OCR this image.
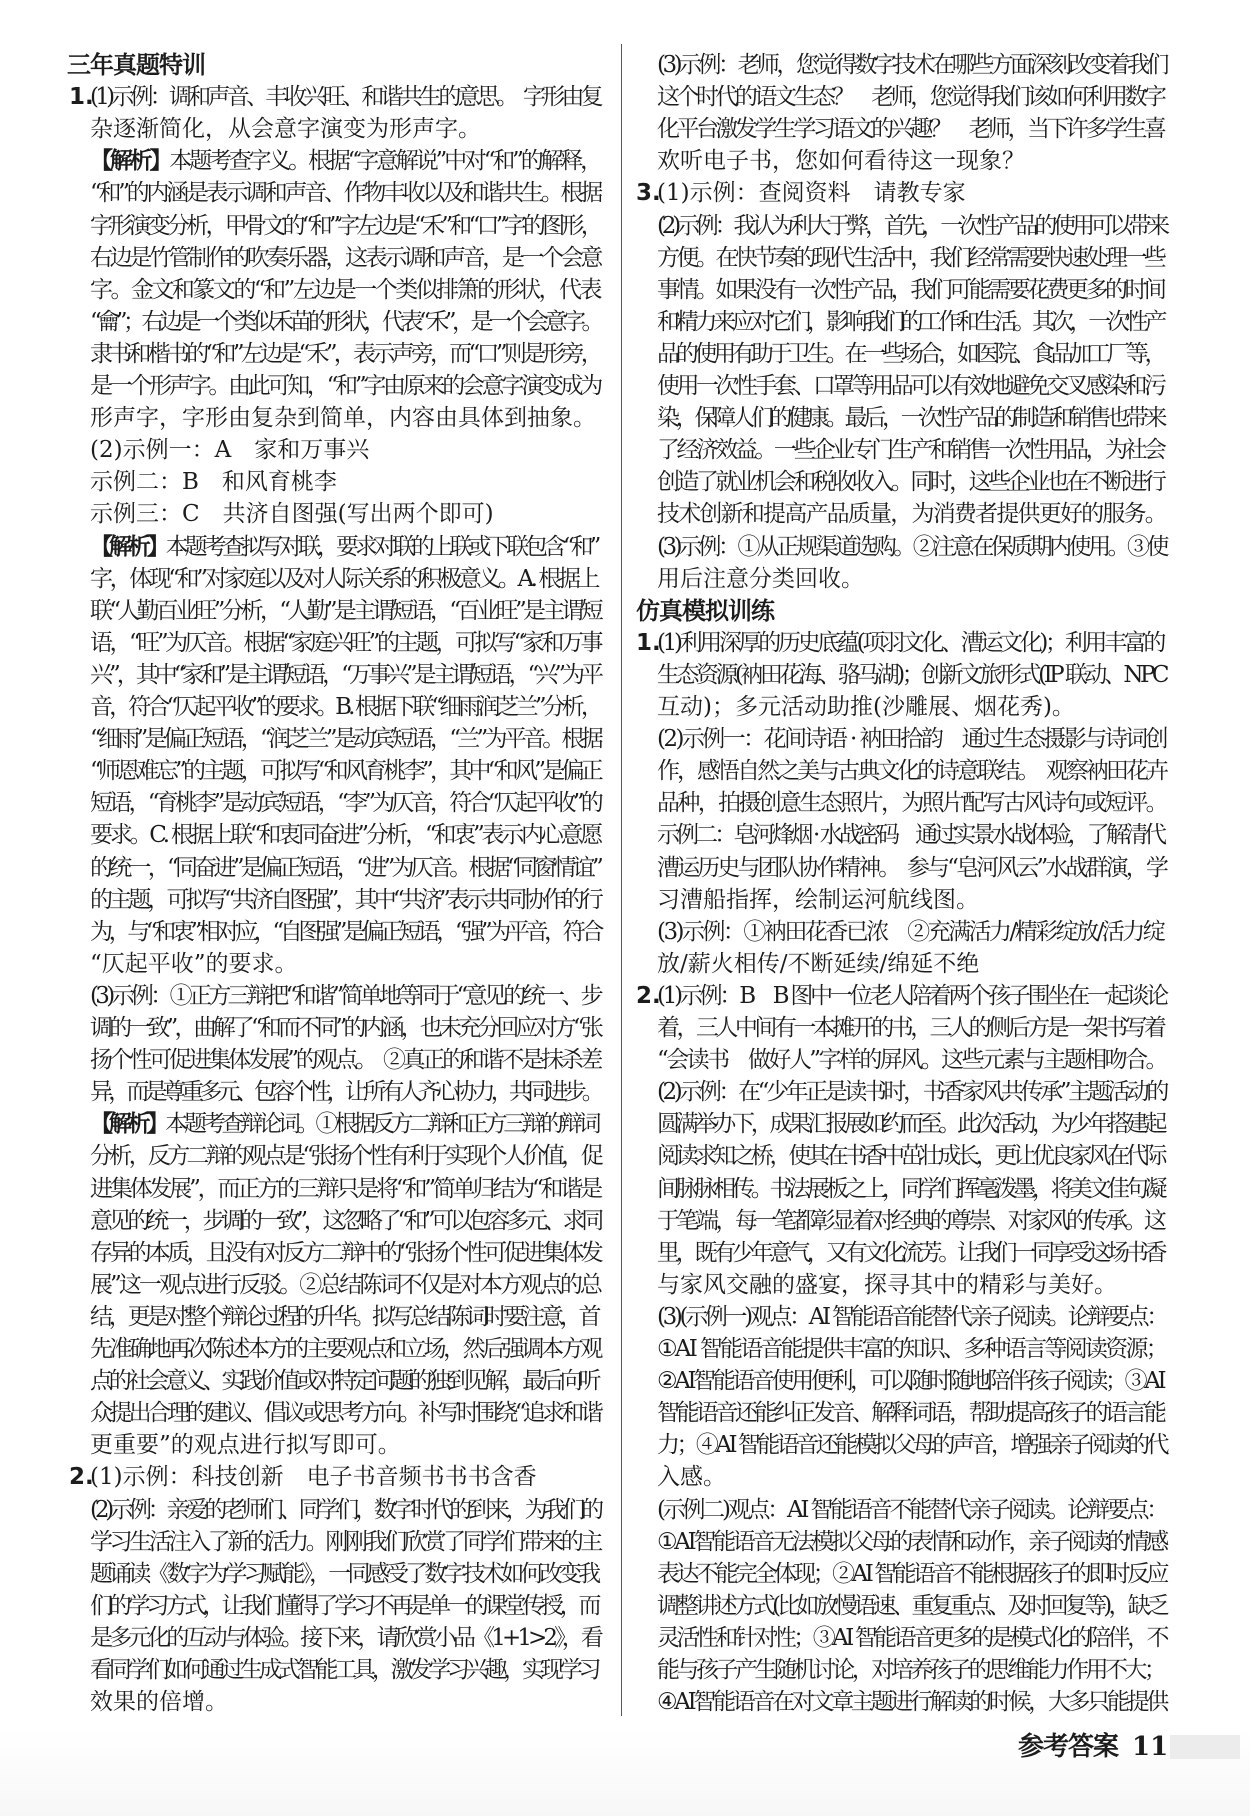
三年真题特训
1.
(1)示例：调和声音、丰收兴旺、和谐共生的意思。　字形由复
杂逐渐简化，从会意字演变为形声字。
【解析】本题考查字义。根据“字意解说”中对“和”的解释，
“和”的内涵是表示调和声音、作物丰收以及和谐共生。根据
字形演变分析，甲骨文的“和”字左边是“禾”和“口”字的图形，
右边是竹管制作的吹奏乐器，这表示调和声音，是一个会意
字。金文和篆文的“和”左边是一个类似排箫的形状，代表
“龠”；右边是一个类似禾苗的形状，代表“禾”，是一个会意字。
隶书和楷书的“和”左边是“禾”，表示声旁，而“口”则是形旁，
是一个形声字。由此可知，“和”字由原来的会意字演变成为
形声字，字形由复杂到简单，内容由具体到抽象。
(2)示例一：A　家和万事兴
示例二：B　和风育桃李
示例三：C　共济自图强(写出两个即可)
【解析】本题考查拟写对联，要求对联的上联或下联包含“和”
字，体现“和”对家庭以及对人际关系的积极意义。A. 根据上
联“人勤百业旺”分析，“人勤”是主谓短语，“百业旺”是主谓短
语，“旺”为仄音。根据“家庭兴旺”的主题，可拟写“家和万事
兴”，其中“家和”是主谓短语，“万事兴”是主谓短语，“兴”为平
音，符合“仄起平收”的要求。B. 根据下联“细雨润芝兰”分析，
“细雨”是偏正短语，“润芝兰”是动宾短语，“兰”为平音。根据
“师恩难忘”的主题，可拟写“和风育桃李”，其中“和风”是偏正
短语，“育桃李”是动宾短语，“李”为仄音，符合“仄起平收”的
要求。C. 根据上联“和衷同奋进”分析，“和衷”表示内心意愿
的统一，“同奋进”是偏正短语，“进”为仄音。根据“同窗情谊”
的主题，可拟写“共济自图强”，其中“共济”表示共同协作的行
为，与“和衷”相对应，“自图强”是偏正短语，“强”为平音，符合
“仄起平收”的要求。
(3)示例：①正方三辩把“和谐”简单地等同于“意见的统一、步
调的一致”，曲解了“和而不同”的内涵，也未充分回应对方“张
扬个性可促进集体发展”的观点。　②真正的和谐不是抹杀差
异，而是尊重多元、包容个性，让所有人齐心协力，共同进步。
【解析】本题考查辩论词。①根据反方二辩和正方三辩的辩词
分析，反方二辩的观点是“张扬个性有利于实现个人价值，促
进集体发展”，而正方的三辩只是将“和”简单归结为“和谐是
意见的统一，步调的一致”，这忽略了“和”可以包容多元、求同
存异的本质，且没有对反方二辩中的“张扬个性可促进集体发
展”这一观点进行反驳。②总结陈词不仅是对本方观点的总
结，更是对整个辩论过程的升华。拟写总结陈词时要注意，首
先准确地再次陈述本方的主要观点和立场，然后强调本方观
点的社会意义、实践价值或对特定问题的独到见解，最后向听
众提出合理的建议、倡议或思考方向。补写时围绕“追求和谐
更重要”的观点进行拟写即可。
2.
(1)示例：科技创新　电子书音频书书书含香
(2)示例：亲爱的老师们、同学们，数字时代的到来，为我们的
学习生活注入了新的活力。刚刚我们欣赏了同学们带来的主
题诵读《数字为学习赋能》，一同感受了数字技术如何改变我
们的学习方式，让我们懂得了学习不再是单一的课堂传授，而
是多元化的互动与体验。接下来，请欣赏小品《1+1>2》，看
看同学们如何通过生成式智能工具，激发学习兴趣，实现学习
效果的倍增。
(3)示例：老师，您觉得数字技术在哪些方面深刻改变着我们
这个时代的语文生态？　老师，您觉得我们该如何利用数字
化平台激发学生学习语文的兴趣？　老师，当下许多学生喜
欢听电子书，您如何看待这一现象？
3.
(1)示例：查阅资料　请教专家
(2)示例：我认为利大于弊，首先，一次性产品的使用可以带来
方便。在快节奏的现代生活中，我们经常需要快速处理一些
事情。如果没有一次性产品，我们可能需要花费更多的时间
和精力来应对它们，影响我们的工作和生活。其次，一次性产
品的使用有助于卫生。在一些场合，如医院、食品加工厂等，
使用一次性手套、口罩等用品可以有效地避免交叉感染和污
染，保障人们的健康。最后，一次性产品的制造和销售也带来
了经济效益。一些企业专门生产和销售一次性用品，为社会
创造了就业机会和税收收入。同时，这些企业也在不断进行
技术创新和提高产品质量，为消费者提供更好的服务。
(3)示例：①从正规渠道选购。②注意在保质期内使用。③使
用后注意分类回收。
仿真模拟训练
1.
(1)利用深厚的历史底蕴(项羽文化、漕运文化)；利用丰富的
生态资源(衲田花海、骆马湖)；创新文旅形式(IP 联动、NPC
互动)；多元活动助推(沙雕展、烟花秀)。
(2)示例一：花间诗语 · 衲田拾韵　通过生态摄影与诗词创
作，感悟自然之美与古典文化的诗意联结。　观察衲田花卉
品种，拍摄创意生态照片，为照片配写古风诗句或短评。
示例二：皂河烽烟 · 水战密码　通过实景水战体验，了解清代
漕运历史与团队协作精神。　参与“皂河风云”水战群演，学
习漕船指挥，绘制运河航线图。
(3)示例：①衲田花香已浓　②充满活力/精彩绽放/活力绽
放/薪火相传/不断延续/绵延不绝
2.
(1)示例：B　B 图中一位老人陪着两个孩子围坐在一起谈论
着，三人中间有一本摊开的书，三人的侧后方是一架书写着
“会读书　做好人”字样的屏风。这些元素与主题相吻合。
(2)示例：在“少年正是读书时，书香家风共传承”主题活动的
圆满举办下，成果汇报展如约而至。此次活动，为少年搭建起
阅读求知之桥，使其在书香中茁壮成长，更让优良家风在代际
间脉脉相传。书法展板之上，同学们挥毫泼墨，将美文佳句凝
于笔端，每一笔都彰显着对经典的尊崇、对家风的传承。这
里，既有少年意气，又有文化流芳。让我们一同享受这场书香
与家风交融的盛宴，探寻其中的精彩与美好。
(3)(示例一)观点：AI 智能语音能替代亲子阅读。论辩要点：
①AI 智能语音能提供丰富的知识、多种语言等阅读资源；
②AI智能语音使用便利，可以随时随地陪伴孩子阅读；③AI
智能语音还能纠正发音、解释词语，帮助提高孩子的语言能
力；④AI 智能语音还能模拟父母的声音，增强亲子阅读的代
入感。
(示例二)观点：AI 智能语音不能替代亲子阅读。论辩要点：
①AI智能语音无法模拟父母的表情和动作，亲子阅读的情感
表达不能完全体现；②AI 智能语音不能根据孩子的即时反应
调整讲述方式(比如放慢语速、重复重点、及时回复等)，缺乏
灵活性和针对性；③AI 智能语音更多的是模式化的陪伴，不
能与孩子产生随机讨论，对培养孩子的思维能力作用不大；
④AI智能语音在对文章主题进行解读的时候，大多只能提供
参考答案 11
